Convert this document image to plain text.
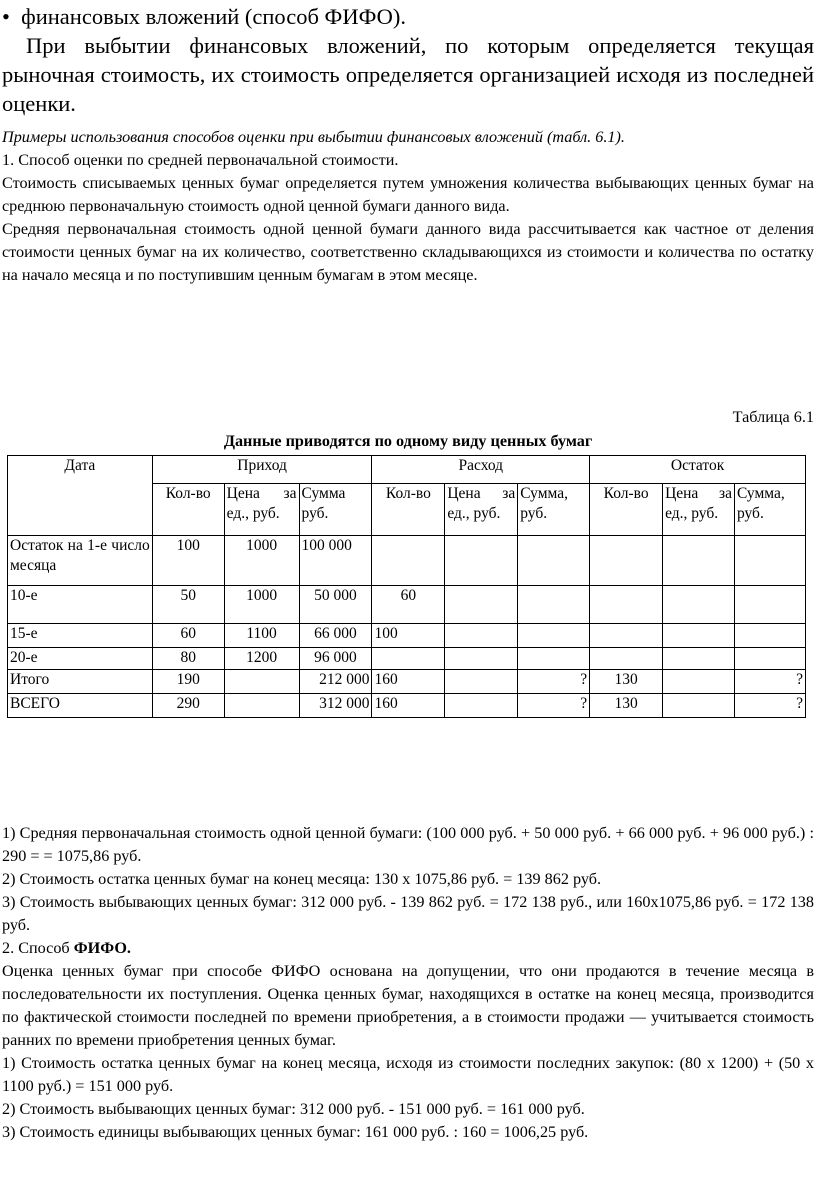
• финансовых вложений (способ ФИФО).

При выбытии финансовых вложений, по которым определяется текущая рыночная стоимость, их стоимость определяется организацией исходя из последней оценки.

Примеры использования способов оценки при выбытии финансовых вложений (табл. 6.1).

1. Способ оценки по средней первоначальной стоимости.

Стоимость списываемых ценных бумаг определяется путем умножения количества выбывающих ценных бумаг на среднюю первоначальную стоимость одной ценной бумаги данного вида.

Средняя первоначальная стоимость одной ценной бумаги данного вида рассчитывается как частное от деления стоимости ценных бумаг на их количество, соответственно складывающихся из стоимости и количества по остатку на начало месяца и по поступившим ценным бумагам в этом месяце.

Таблица 6.1
Данные приводятся по одному виду ценных бумаг
Дата	Приход			Расход			Остаток		
	Кол-во	Цена за ед., руб.	Сумма руб.	Кол-во	Цена за ед., руб.	Сумма, руб.	Кол-во	Цена за ед., руб.	Сумма, руб.
Остаток на 1-е число месяца	100	1000	100 000						
10-е	50	1000	50 000	60					
15-е	60	1100	66 000	100					
20-е	80	1200	96 000						
Итого	190		212 000	160		?	130		?
ВСЕГО	290		312 000	160		?	130		?

1) Средняя первоначальная стоимость одной ценной бумаги: (100 000 руб. + 50 000 руб. + 66 000 руб. + 96 000 руб.) : 290 = = 1075,86 руб.

2) Стоимость остатка ценных бумаг на конец месяца: 130 х 1075,86 руб. = 139 862 руб.

3) Стоимость выбывающих ценных бумаг: 312 000 руб. - 139 862 руб. = 172 138 руб., или 160х1075,86 руб. = 172 138 руб.

2. Способ ФИФО.

Оценка ценных бумаг при способе ФИФО основана на допущении, что они продаются в течение месяца в последовательности их поступления. Оценка ценных бумаг, находящихся в остатке на конец месяца, производится по фактической стоимости последней по времени приобретения, а в стоимости продажи — учитывается стоимость ранних по времени приобретения ценных бумаг.

1) Стоимость остатка ценных бумаг на конец месяца, исходя из стоимости последних закупок: (80 х 1200) + (50 х 1100 руб.) = 151 000 руб.

2) Стоимость выбывающих ценных бумаг: 312 000 руб. - 151 000 руб. = 161 000 руб.

3) Стоимость единицы выбывающих ценных бумаг: 161 000 руб. : 160 = 1006,25 руб.
